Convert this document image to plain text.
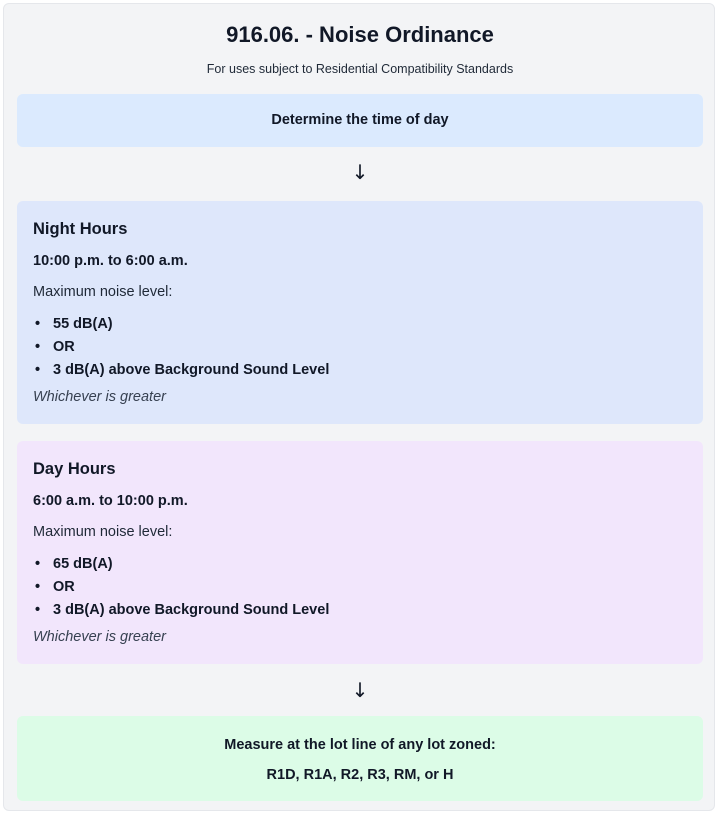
916.06. - Noise Ordinance
For uses subject to Residential Compatibility Standards
Determine the time of day
↓
Night Hours
10:00 p.m. to 6:00 a.m.
Maximum noise level:
• 55 dB(A)
• OR
• 3 dB(A) above Background Sound Level
Whichever is greater
Day Hours
6:00 a.m. to 10:00 p.m.
Maximum noise level:
• 65 dB(A)
• OR
• 3 dB(A) above Background Sound Level
Whichever is greater
↓
Measure at the lot line of any lot zoned:
R1D, R1A, R2, R3, RM, or H
